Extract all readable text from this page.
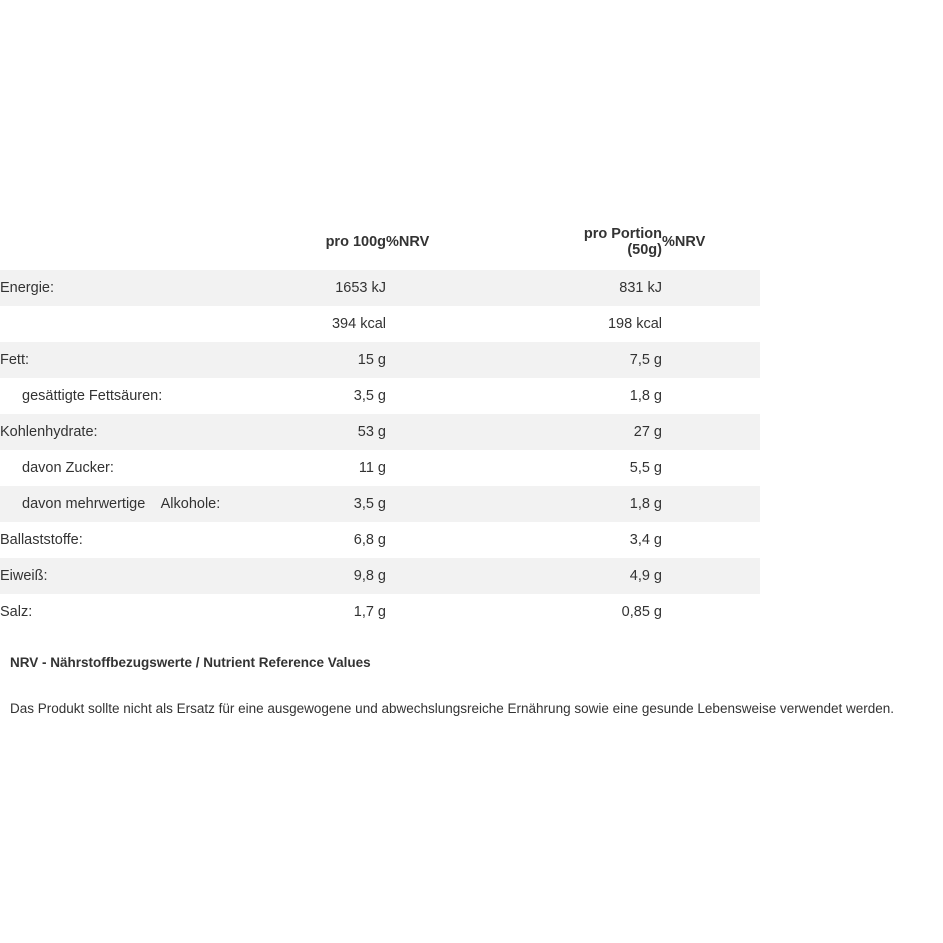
	pro 100g	%NRV	pro Portion (50g)	%NRV
Energie:	1653 kJ		831 kJ	
	394 kcal		198 kcal	
Fett:	15 g		7,5 g	
gesättigte Fettsäuren:	3,5 g		1,8 g	
Kohlenhydrate:	53 g		27 g	
davon Zucker:	11 g		5,5 g	
davon mehrwertige    Alkohole:	3,5 g		1,8 g	
Ballaststoffe:	6,8 g		3,4 g	
Eiweiß:	9,8 g		4,9 g	
Salz:	1,7 g		0,85 g	
NRV - Nährstoffbezugswerte / Nutrient Reference Values
Das Produkt sollte nicht als Ersatz für eine ausgewogene und abwechslungsreiche Ernährung sowie eine gesunde Lebensweise verwendet werden.
